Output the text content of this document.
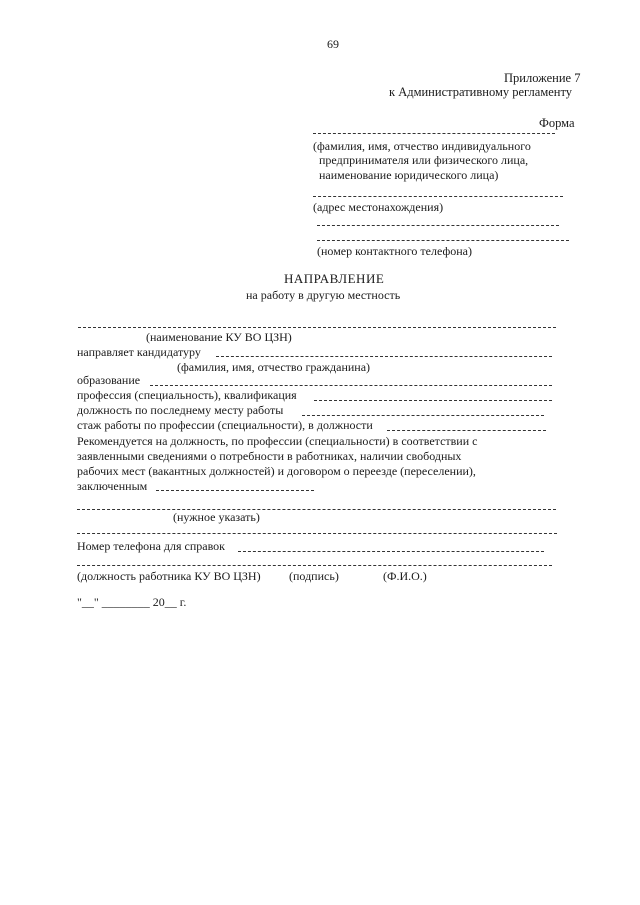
69
Приложение 7
к Административному регламенту
Форма
(фамилия, имя, отчество индивидуального
предпринимателя или физического лица,
наименование юридического лица)
(адрес местонахождения)
(номер контактного телефона)
НАПРАВЛЕНИЕ
на работу в другую местность
(наименование КУ ВО ЦЗН)
направляет кандидатуру
(фамилия, имя, отчество гражданина)
образование
профессия (специальность), квалификация
должность по последнему месту работы
стаж работы по профессии (специальности), в должности
Рекомендуется на должность, по профессии (специальности) в соответствии с
заявленными сведениями о потребности в работниках, наличии свободных
рабочих мест (вакантных должностей) и договором о переезде (переселении),
заключенным
(нужное указать)
Номер телефона для справок
(должность работника КУ ВО ЦЗН) (подпись)	(Ф.И.О.)
"__" ________ 20__ г.
